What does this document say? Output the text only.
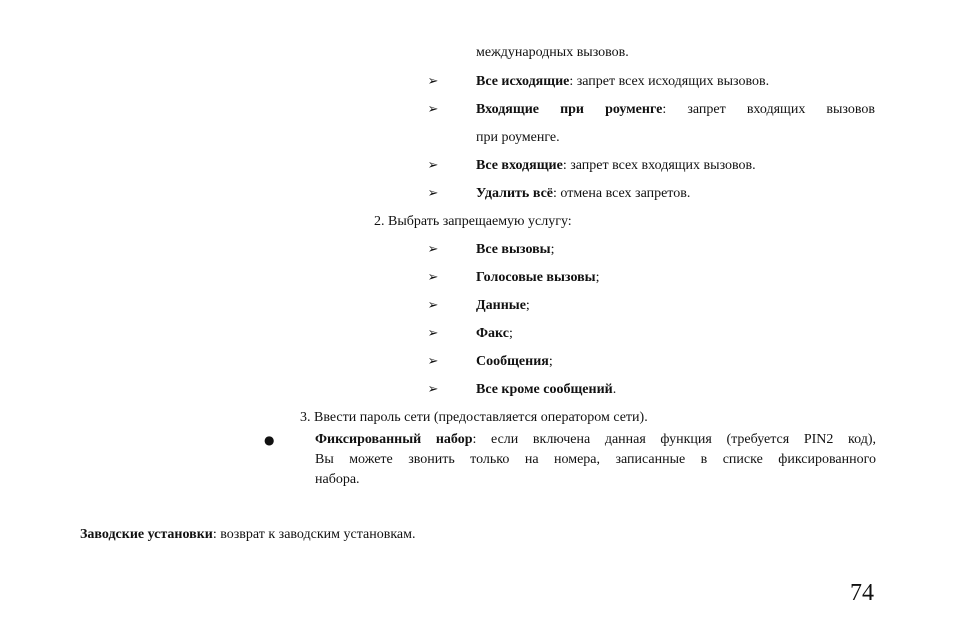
международных вызовов.
➢	Все исходящие: запрет всех исходящих вызовов.
➢	Входящие при роуменге: запрет входящих вызовов
при роуменге.
➢	Все входящие: запрет всех входящих вызовов.
➢	Удалить всё: отмена всех запретов.
2. Выбрать запрещаемую услугу:
➢	Все вызовы;
➢	Голосовые вызовы;
➢	Данные;
➢	Факс;
➢	Сообщения;
➢	Все кроме сообщений.
3. Ввести пароль сети (предоставляется оператором сети).
●	Фиксированный набор: если включена данная функция (требуется PIN2 код),
Вы можете звонить только на номера, записанные в списке фиксированного
набора.
Заводские установки: возврат к заводским установкам.
74
